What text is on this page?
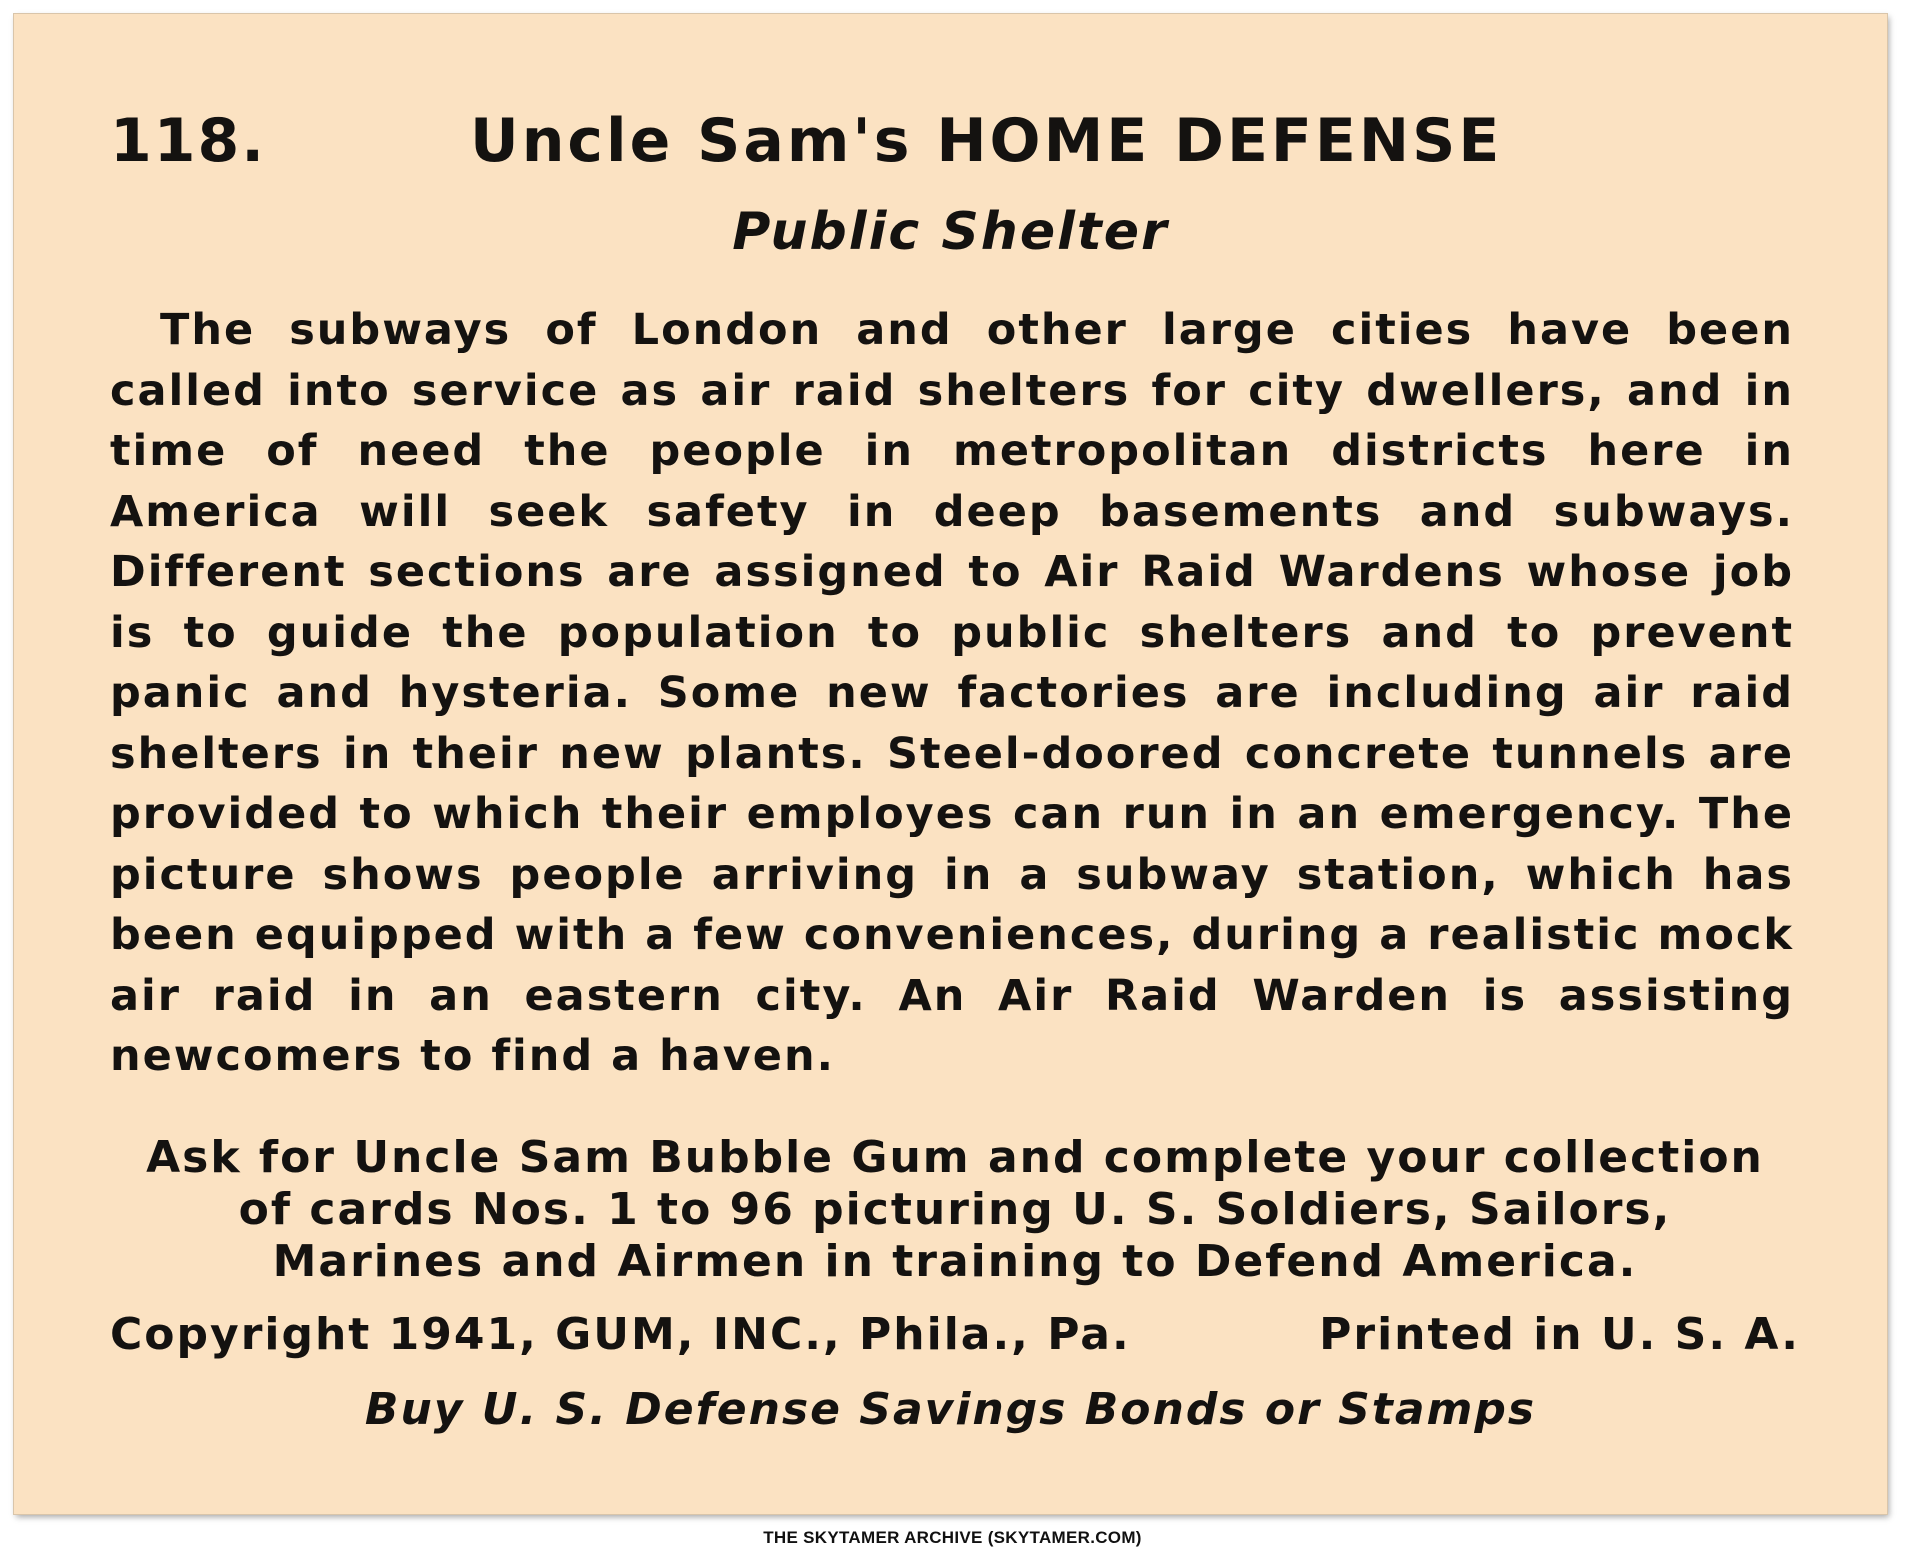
118.	Uncle Sam's HOME DEFENSE
Public Shelter

The subways of London and other large cities have been called into service as air raid shelters for city dwellers, and in time of need the people in metropolitan districts here in America will seek safety in deep basements and subways. Different sections are assigned to Air Raid Wardens whose job is to guide the population to public shelters and to prevent panic and hysteria. Some new factories are including air raid shelters in their new plants. Steel-doored concrete tunnels are provided to which their employes can run in an emergency. The picture shows people arriving in a subway station, which has been equipped with a few conveniences, during a realistic mock air raid in an eastern city. An Air Raid Warden is assisting newcomers to find a haven.

Ask for Uncle Sam Bubble Gum and complete your collection
of cards Nos. 1 to 96 picturing U. S. Soldiers, Sailors,
Marines and Airmen in training to Defend America.
Copyright 1941, GUM, INC., Phila., Pa.	Printed in U. S. A.
Buy U. S. Defense Savings Bonds or Stamps
THE SKYTAMER ARCHIVE (SKYTAMER.COM)
